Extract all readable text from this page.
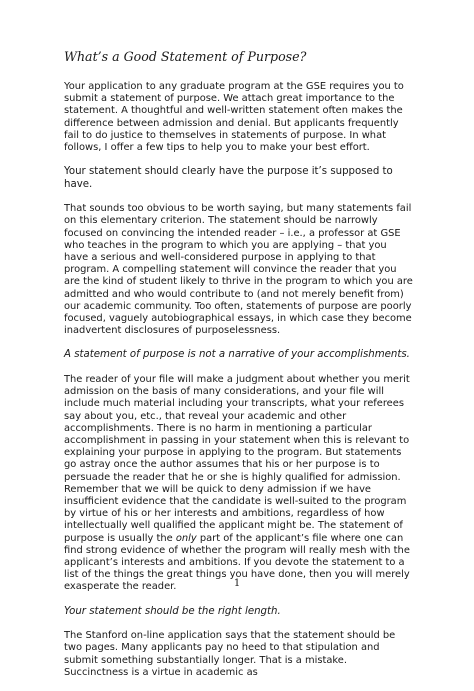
What’s a Good Statement of Purpose?

Your application to any graduate program at the GSE requires you to submit a statement of purpose. We attach great importance to the statement. A thoughtful and well-written statement often makes the difference between admission and denial. But applicants frequently fail to do justice to themselves in statements of purpose. In what follows, I offer a few tips to help you to make your best effort.

Your statement should clearly have the purpose it’s supposed to have.

That sounds too obvious to be worth saying, but many statements fail on this elementary criterion. The statement should be narrowly focused on convincing the intended reader – i.e., a professor at GSE who teaches in the program to which you are applying – that you have a serious and well-considered purpose in applying to that program. A compelling statement will convince the reader that you are the kind of student likely to thrive in the program to which you are admitted and who would contribute to (and not merely benefit from) our academic community. Too often, statements of purpose are poorly focused, vaguely autobiographical essays, in which case they become inadvertent disclosures of purposelessness.

A statement of purpose is not a narrative of your accomplishments.

The reader of your file will make a judgment about whether you merit admission on the basis of many considerations, and your file will include much material including your transcripts, what your referees say about you, etc., that reveal your academic and other accomplishments. There is no harm in mentioning a particular accomplishment in passing in your statement when this is relevant to explaining your purpose in applying to the program. But statements go astray once the author assumes that his or her purpose is to persuade the reader that he or she is highly qualified for admission. Remember that we will be quick to deny admission if we have insufficient evidence that the candidate is well-suited to the program by virtue of his or her interests and ambitions, regardless of how intellectually well qualified the applicant might be. The statement of purpose is usually the only part of the applicant’s file where one can find strong evidence of whether the program will really mesh with the applicant’s interests and ambitions. If you devote the statement to a list of the things the great things you have done, then you will merely exasperate the reader.

Your statement should be the right length.

The Stanford on-line application says that the statement should be two pages. Many applicants pay no heed to that stipulation and submit something substantially longer. That is a mistake. Succinctness is a virtue in academic as

1
